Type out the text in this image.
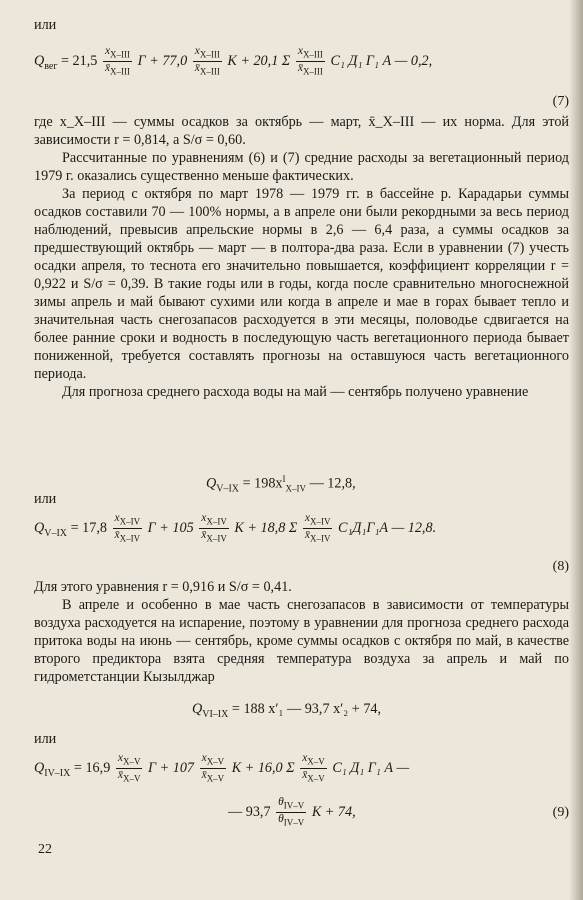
или
$Q_{вег} = 21,5$
$x_{X-III}$
$x̄_{X-III}$
Г + 77,0
$x_{X-III}$
$x̄_{X-III}$
К + 20,1 Σ
$x_{X-III}$
$x̄_{X-III}$
С₁ Д₁ Г₁ А — 0,2,
(7)

где x_X–III — суммы осадков за октябрь — март, x̄_X–III — их норма. Для этой зависимости r = 0,814, а S/σ = 0,60.

Рассчитанные по уравнениям (6) и (7) средние расходы за вегетационный период 1979 г. оказались существенно меньше фактических.

За период с октября по март 1978 — 1979 гг. в бассейне р. Карадарьи суммы осадков составили 70 — 100% нормы, а в апреле они были рекордными за весь период наблюдений, превысив апрельские нормы в 2,6 — 6,4 раза, а суммы осадков за предшествующий октябрь — март — в полтора-два раза. Если в уравнении (7) учесть осадки апреля, то теснота его значительно повышается, коэффициент корреляции r = 0,922 и S/σ = 0,39. В такие годы или в годы, когда после сравнительно многоснежной зимы апрель и май бывают сухими или когда в апреле и мае в горах бывает тепло и значительная часть снегозапасов расходуется в эти месяцы, половодье сдвигается на более ранние сроки и водность в последующую часть вегетационного периода бывает пониженной, требуется составлять прогнозы на оставшуюся часть вегетационного периода.

Для прогноза среднего расхода воды на май — сентябрь получено уравнение

$Q_{V-IX} = 198x^I_{X-IV}$ — 12,8,
или
$Q_{V-IX} = 17,8 \frac{x_{X-IV}}{x̄_{X-IV}}$ $Г + 105 \frac{x_{X-IV}}{x̄_{X-IV}}$ К + 18,8 Σ $\frac{x_{X-IV}}{x̄_{X-IV}} С_1Д_1Г_1А$ — 12,8.
(8)

Для этого уравнения r = 0,916 и S/σ = 0,41.

В апреле и особенно в мае часть снегозапасов в зависимости от температуры воздуха расходуется на испарение, поэтому в уравнении для прогноза среднего расхода притока воды на июнь — сентябрь, кроме суммы осадков с октября по май, в качестве второго предиктора взята средняя температура воздуха за апрель и май по гидрометстанции Кызылджар

$Q_{VI-IX} = 188$ x′₁ — 93,7 x′₂ + 74,
или
$Q_{IV-IX} = 16,9 \frac{x_{X-V}}{x̄_{X-V}}$ $Г + 107 \frac{x_{X-V}}{x̄_{X-V}}$ К + 16,0 Σ $\frac{x_{X-V}}{x̄_{X-V}} С_1$ Д₁ Г₁ А —
— 93,7
$\theta_{IV-V}$
$\theta_{IV-V}$
К + 74,	(9)
22
